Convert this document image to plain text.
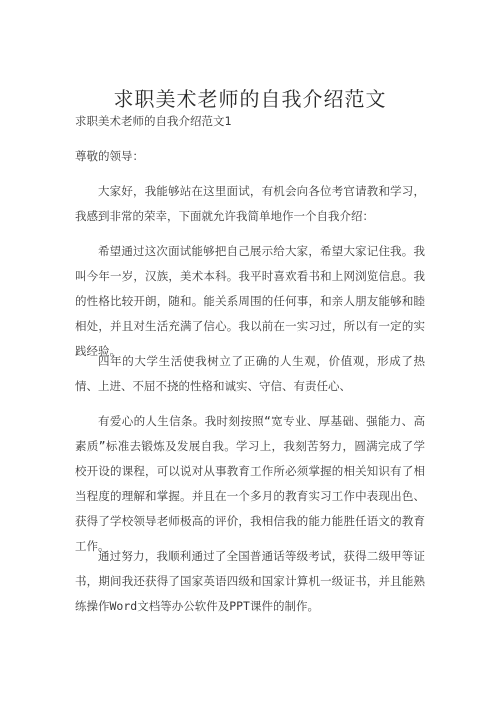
求职美术老师的自我介绍范文
求职美术老师的自我介绍范文1
尊敬的领导：
大家好，我能够站在这里面试，有机会向各位考官请教和学习，我感到非常的荣幸，下面就允许我简单地作一个自我介绍：
希望通过这次面试能够把自己展示给大家，希望大家记住我。我叫今年一岁，汉族，美术本科。我平时喜欢看书和上网浏览信息。我的性格比较开朗，随和。能关系周围的任何事，和亲人朋友能够和睦相处，并且对生活充满了信心。我以前在一实习过，所以有一定的实践经验。
四年的大学生活使我树立了正确的人生观，价值观，形成了热情、上进、不屈不挠的性格和诚实、守信、有责任心、
有爱心的人生信条。我时刻按照“宽专业、厚基础、强能力、高素质”标准去锻炼及发展自我。学习上，我刻苦努力，圆满完成了学校开设的课程，可以说对从事教育工作所必须掌握的相关知识有了相当程度的理解和掌握。并且在一个多月的教育实习工作中表现出色、获得了学校领导老师极高的评价，我相信我的能力能胜任语文的教育工作。
通过努力，我顺利通过了全国普通话等级考试，获得二级甲等证书，期间我还获得了国家英语四级和国家计算机一级证书，并且能熟练操作Word文档等办公软件及PPT课件的制作。
